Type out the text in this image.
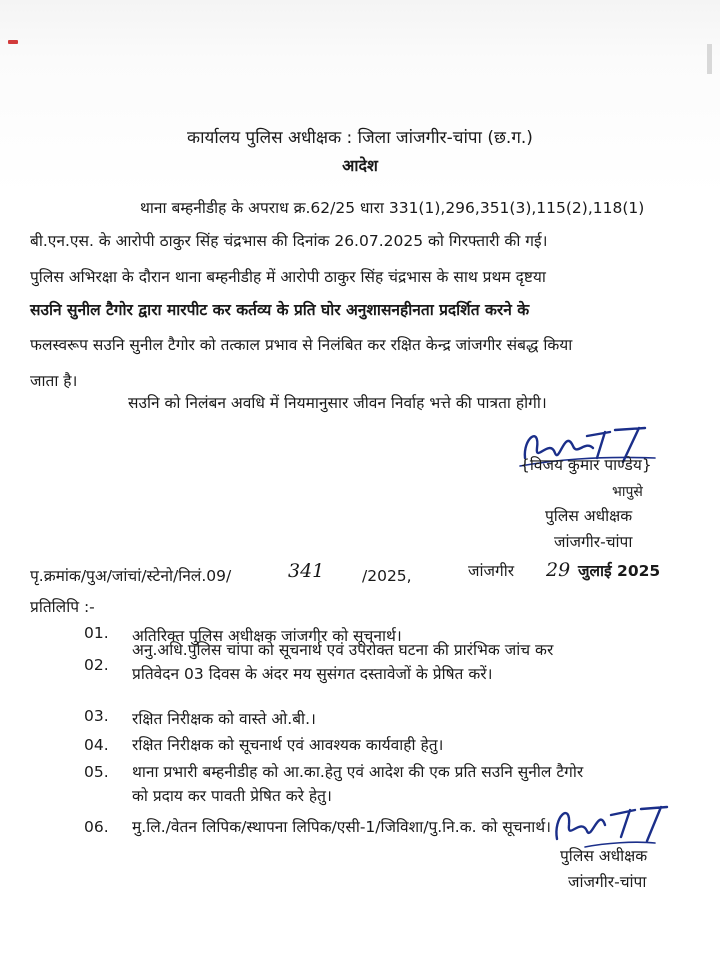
कार्यालय पुलिस अधीक्षक : जिला जांजगीर-चांपा (छ.ग.)
आदेश
थाना बम्हनीडीह के अपराध क्र.62/25 धारा 331(1),296,351(3),115(2),118(1)
बी.एन.एस. के आरोपी ठाकुर सिंह चंद्रभास की दिनांक 26.07.2025 को गिरफ्तारी की गई।
पुलिस अभिरक्षा के दौरान थाना बम्हनीडीह में आरोपी ठाकुर सिंह चंद्रभास के साथ प्रथम दृष्टया
सउनि सुनील टैगोर द्वारा मारपीट कर कर्तव्य के प्रति घोर अनुशासनहीनता प्रदर्शित करने के
फलस्वरूप सउनि सुनील टैगोर को तत्काल प्रभाव से निलंबित कर रक्षित केन्द्र जांजगीर संबद्ध किया
जाता है।
सउनि को निलंबन अवधि में नियमानुसार जीवन निर्वाह भत्ते की पात्रता होगी।
{विजय कुमार पाण्डेय}
भापुसे
पुलिस अधीक्षक
जांजगीर-चांपा
पृ.क्रमांक/पुअ/जांचां/स्टेनो/निलं.09/	341 /2025,	जांजगीर 29 जुलाई 2025
प्रतिलिपि :-
01.	अतिरिक्त पुलिस अधीक्षक जांजगीर को सूचनार्थ।
02.
अनु.अधि.पुलिस चांपा को सूचनार्थ एवं उपरोक्त घटना की प्रारंभिक जांच कर
प्रतिवेदन 03 दिवस के अंदर मय सुसंगत दस्तावेजों के प्रेषित करें।
03.	रक्षित निरीक्षक को वास्ते ओ.बी.।
04.	रक्षित निरीक्षक को सूचनार्थ एवं आवश्यक कार्यवाही हेतु।
05.	थाना प्रभारी बम्हनीडीह को आ.का.हेतु एवं आदेश की एक प्रति सउनि सुनील टैगोर
को प्रदाय कर पावती प्रेषित करे हेतु।
06.	मु.लि./वेतन लिपिक/स्थापना लिपिक/एसी-1/जिविशा/पु.नि.क. को सूचनार्थ।
पुलिस अधीक्षक
जांजगीर-चांपा
